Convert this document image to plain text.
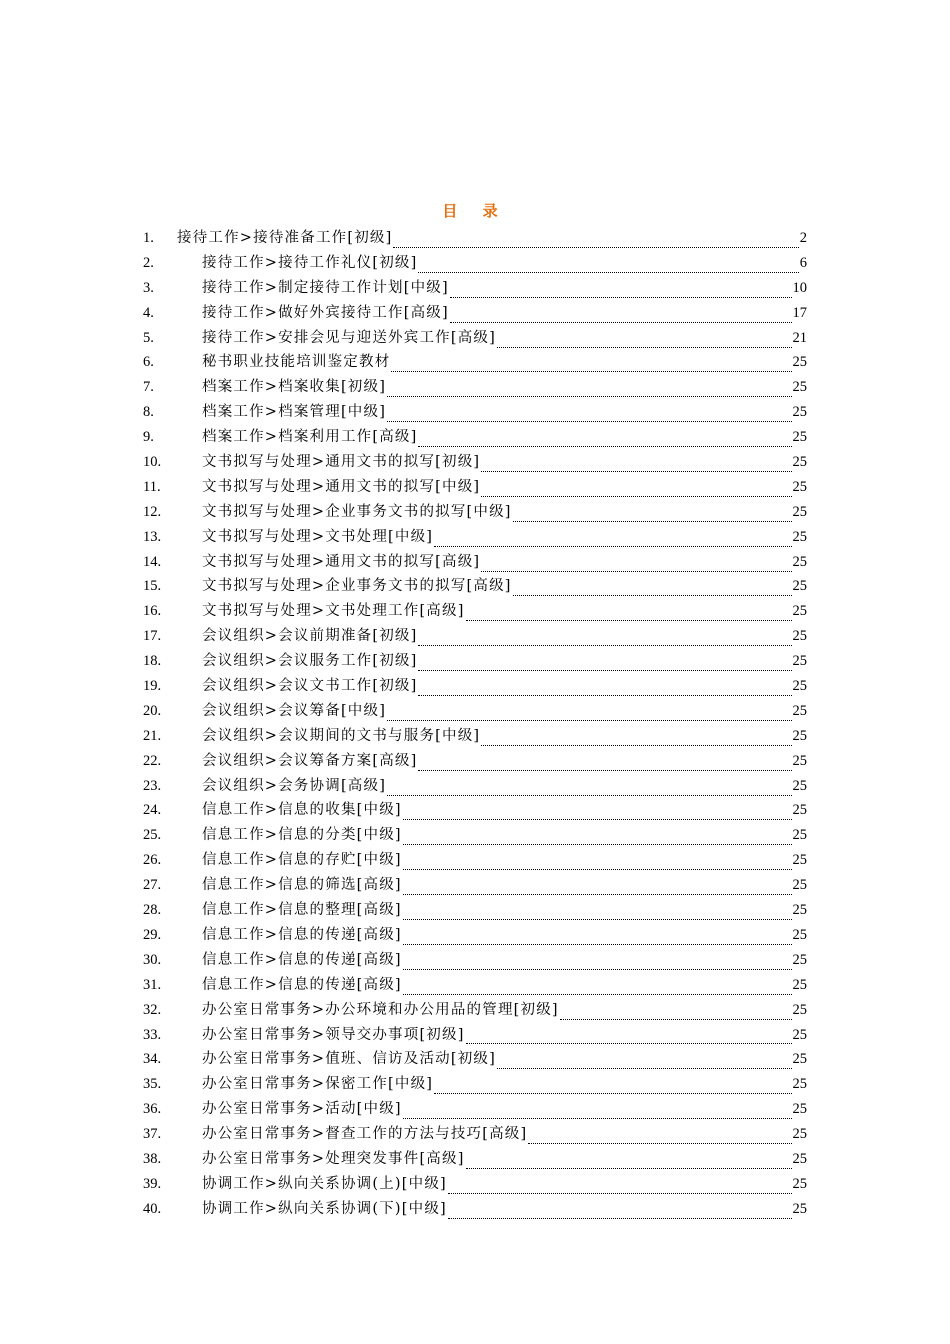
目 录
1.	接待工作>接待准备工作[初级]	2
2.	接待工作>接待工作礼仪[初级]	6
3.	接待工作>制定接待工作计划[中级]	10
4.	接待工作>做好外宾接待工作[高级]	17
5.	接待工作>安排会见与迎送外宾工作[高级]	21
6.	秘书职业技能培训鉴定教材	25
7.	档案工作>档案收集[初级]	25
8.	档案工作>档案管理[中级]	25
9.	档案工作>档案利用工作[高级]	25
10.	文书拟写与处理>通用文书的拟写[初级]	25
11.	文书拟写与处理>通用文书的拟写[中级]	25
12.	文书拟写与处理>企业事务文书的拟写[中级]	25
13.	文书拟写与处理>文书处理[中级]	25
14.	文书拟写与处理>通用文书的拟写[高级]	25
15.	文书拟写与处理>企业事务文书的拟写[高级]	25
16.	文书拟写与处理>文书处理工作[高级]	25
17.	会议组织>会议前期准备[初级]	25
18.	会议组织>会议服务工作[初级]	25
19.	会议组织>会议文书工作[初级]	25
20.	会议组织>会议筹备[中级]	25
21.	会议组织>会议期间的文书与服务[中级]	25
22.	会议组织>会议筹备方案[高级]	25
23.	会议组织>会务协调[高级]	25
24.	信息工作>信息的收集[中级]	25
25.	信息工作>信息的分类[中级]	25
26.	信息工作>信息的存贮[中级]	25
27.	信息工作>信息的筛选[高级]	25
28.	信息工作>信息的整理[高级]	25
29.	信息工作>信息的传递[高级]	25
30.	信息工作>信息的传递[高级]	25
31.	信息工作>信息的传递[高级]	25
32.	办公室日常事务>办公环境和办公用品的管理[初级]	25
33.	办公室日常事务>领导交办事项[初级]	25
34.	办公室日常事务>值班、信访及活动[初级]	25
35.	办公室日常事务>保密工作[中级]	25
36.	办公室日常事务>活动[中级]	25
37.	办公室日常事务>督查工作的方法与技巧[高级]	25
38.	办公室日常事务>处理突发事件[高级]	25
39.	协调工作>纵向关系协调(上)[中级]	25
40.	协调工作>纵向关系协调(下)[中级]	25
